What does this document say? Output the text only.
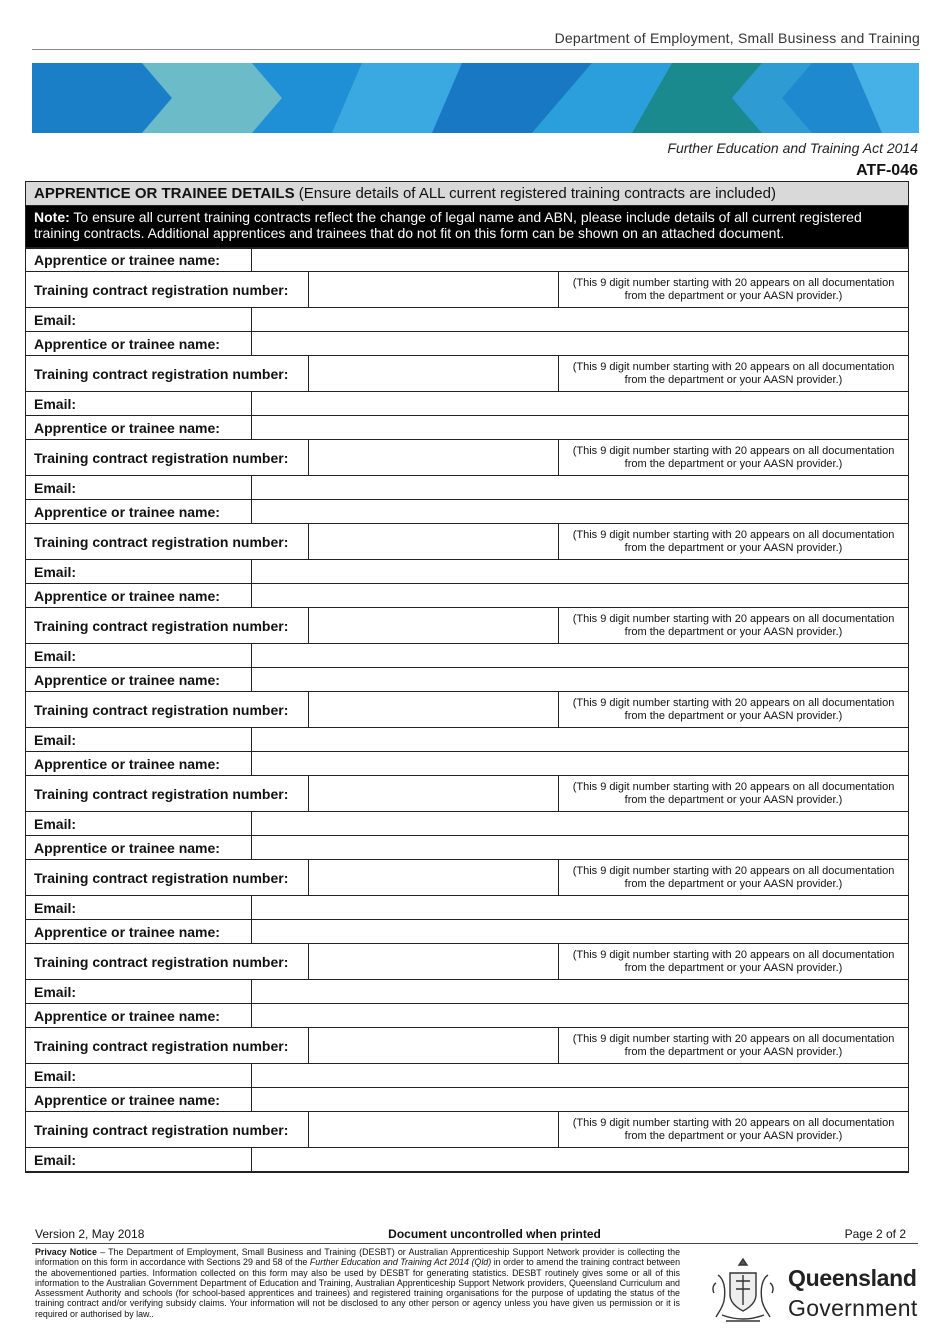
Department of Employment, Small Business and Training
Further Education and Training Act 2014
ATF-046
APPRENTICE OR TRAINEE DETAILS (Ensure details of ALL current registered training contracts are included)
Note: To ensure all current training contracts reflect the change of legal name and ABN, please include details of all current registered training contracts. Additional apprentices and trainees that do not fit on this form can be shown on an attached document.
Apprentice or trainee name:
Training contract registration number:	(This 9 digit number starting with 20 appears on all documentation from the department or your AASN provider.)
Email:
Apprentice or trainee name:
Training contract registration number:	(This 9 digit number starting with 20 appears on all documentation from the department or your AASN provider.)
Email:
Apprentice or trainee name:
Training contract registration number:	(This 9 digit number starting with 20 appears on all documentation from the department or your AASN provider.)
Email:
Apprentice or trainee name:
Training contract registration number:	(This 9 digit number starting with 20 appears on all documentation from the department or your AASN provider.)
Email:
Apprentice or trainee name:
Training contract registration number:	(This 9 digit number starting with 20 appears on all documentation from the department or your AASN provider.)
Email:
Apprentice or trainee name:
Training contract registration number:	(This 9 digit number starting with 20 appears on all documentation from the department or your AASN provider.)
Email:
Apprentice or trainee name:
Training contract registration number:	(This 9 digit number starting with 20 appears on all documentation from the department or your AASN provider.)
Email:
Apprentice or trainee name:
Training contract registration number:	(This 9 digit number starting with 20 appears on all documentation from the department or your AASN provider.)
Email:
Apprentice or trainee name:
Training contract registration number:	(This 9 digit number starting with 20 appears on all documentation from the department or your AASN provider.)
Email:
Apprentice or trainee name:
Training contract registration number:	(This 9 digit number starting with 20 appears on all documentation from the department or your AASN provider.)
Email:
Apprentice or trainee name:
Training contract registration number:	(This 9 digit number starting with 20 appears on all documentation from the department or your AASN provider.)
Email:
Version 2, May 2018	Document uncontrolled when printed	Page 2 of 2
Privacy Notice – The Department of Employment, Small Business and Training (DESBT) or Australian Apprenticeship Support Network provider is collecting the information on this form in accordance with Sections 29 and 58 of the Further Education and Training Act 2014 (Qld) in order to amend the training contract between the abovementioned parties. Information collected on this form may also be used by DESBT for generating statistics. DESBT routinely gives some or all of this information to the Australian Government Department of Education and Training, Australian Apprenticeship Support Network providers, Queensland Curriculum and Assessment Authority and schools (for school-based apprentices and trainees) and registered training organisations for the purpose of updating the status of the training contract and/or verifying subsidy claims. Your information will not be disclosed to any other person or agency unless you have given us permission or it is required or authorised by law..
Queensland
Government
